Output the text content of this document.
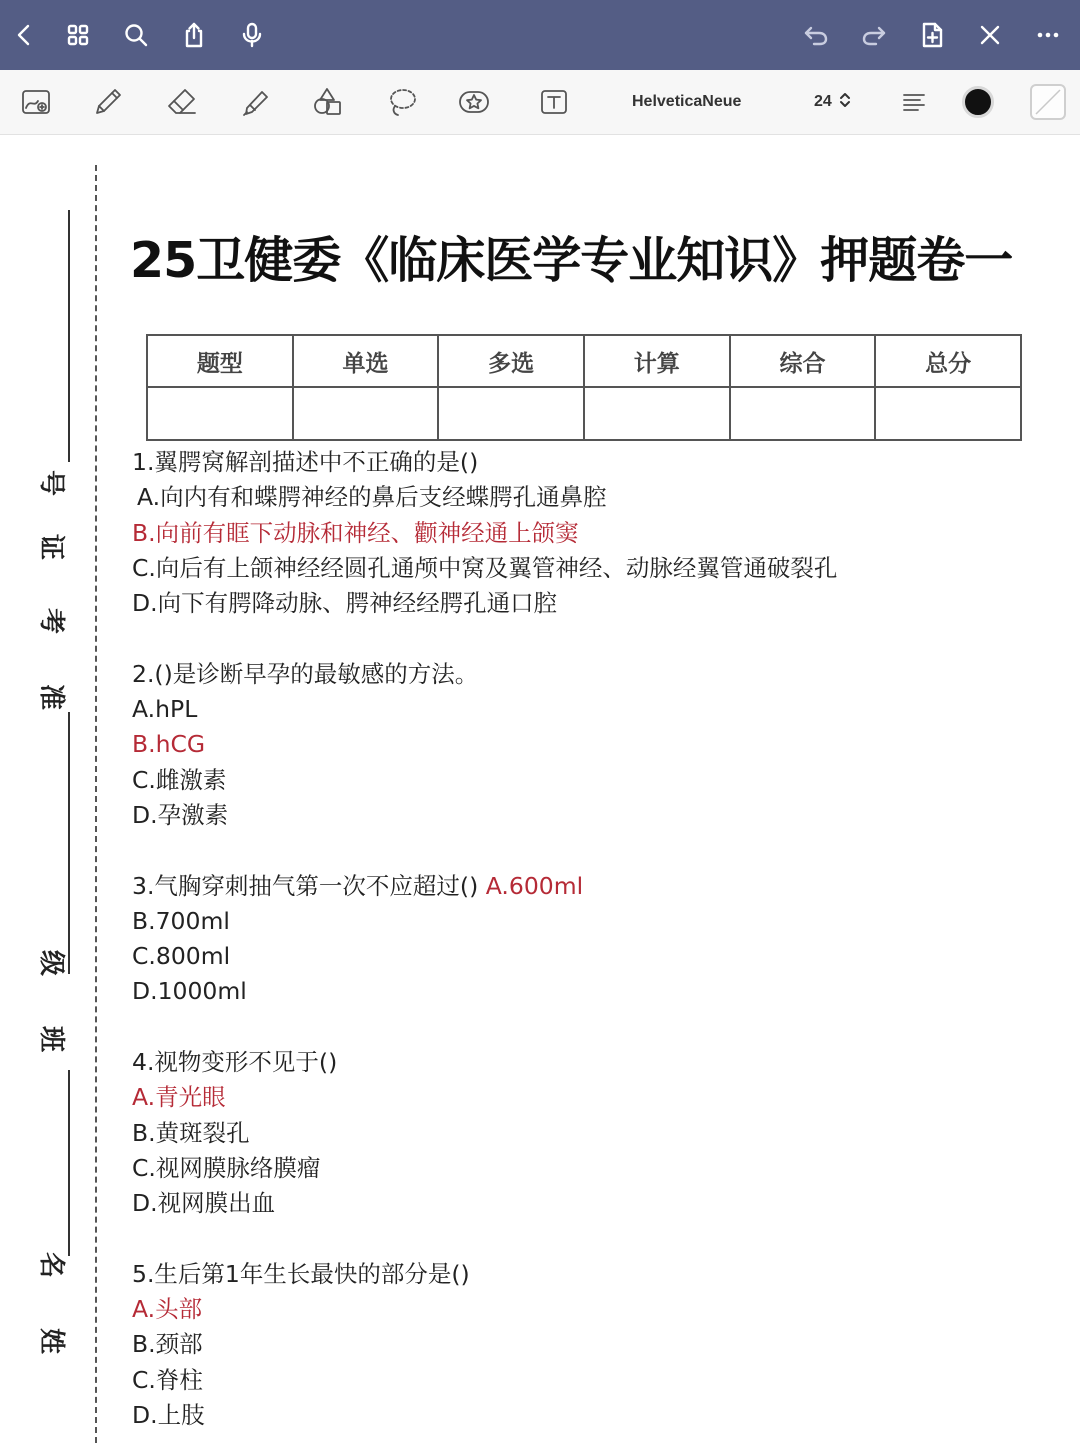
HelveticaNeue	24
号
证
考
准
级
班
名
姓
25卫健委《临床医学专业知识》押题卷一
题型	单选	多选	计算	综合	总分

1.翼腭窝解剖描述中不正确的是()
A.向内有和蝶腭神经的鼻后支经蝶腭孔通鼻腔
B.向前有眶下动脉和神经、颧神经通上颌窦
C.向后有上颌神经经圆孔通颅中窝及翼管神经、动脉经翼管通破裂孔
D.向下有腭降动脉、腭神经经腭孔通口腔
2.()是诊断早孕的最敏感的方法。
A.hPL
B.hCG
C.雌激素
D.孕激素
3.气胸穿刺抽气第一次不应超过() A.600ml
B.700ml
C.800ml
D.1000ml
4.视物变形不见于()
A.青光眼
B.黄斑裂孔
C.视网膜脉络膜瘤
D.视网膜出血
5.生后第1年生长最快的部分是()
A.头部
B.颈部
C.脊柱
D.上肢
